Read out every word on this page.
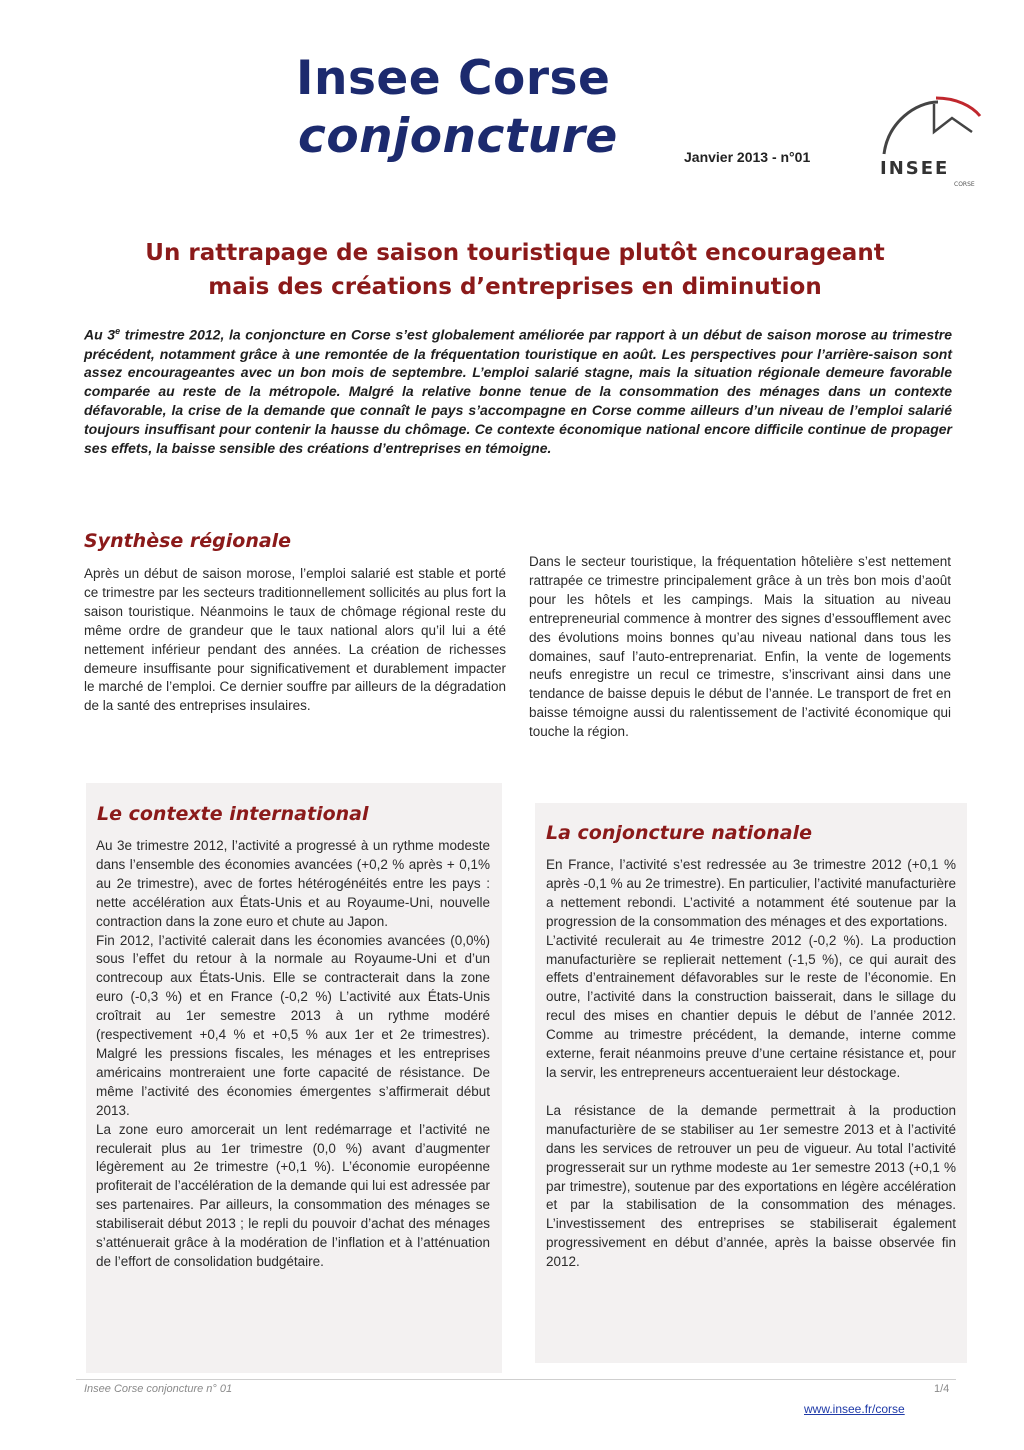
Insee Corse
conjoncture	Janvier 2013 - n°01
INSEE
CORSE
Un rattrapage de saison touristique plutôt encourageant
mais des créations d’entreprises en diminution
Au 3e trimestre 2012, la conjoncture en Corse s’est globalement améliorée par rapport à un début de saison morose au trimestre précédent, notamment grâce à une remontée de la fréquentation touristique en août. Les perspectives pour l’arrière-saison sont assez encourageantes avec un bon mois de septembre. L’emploi salarié stagne, mais la situation régionale demeure favorable comparée au reste de la métropole. Malgré la relative bonne tenue de la consommation des ménages dans un contexte défavorable, la crise de la demande que connaît le pays s’accompagne en Corse comme ailleurs d’un niveau de l’emploi salarié toujours insuffisant pour contenir la hausse du chômage. Ce contexte économique national encore difficile continue de propager ses effets, la baisse sensible des créations d’entreprises en témoigne.
Synthèse régionale
Après un début de saison morose, l’emploi salarié est stable et porté ce trimestre par les secteurs traditionnellement sollicités au plus fort la saison touristique. Néanmoins le taux de chômage régional reste du même ordre de grandeur que le taux national alors qu’il lui a été nettement inférieur pendant des années. La création de richesses demeure insuffisante pour significativement et durablement impacter le marché de l’emploi. Ce dernier souffre par ailleurs de la dégradation de la santé des entreprises insulaires.
Dans le secteur touristique, la fréquentation hôtelière s’est nettement rattrapée ce trimestre principalement grâce à un très bon mois d’août pour les hôtels et les campings. Mais la situation au niveau entrepreneurial commence à montrer des signes d’essoufflement avec des évolutions moins bonnes qu’au niveau national dans tous les domaines, sauf l’auto-entreprenariat. Enfin, la vente de logements neufs enregistre un recul ce trimestre, s’inscrivant ainsi dans une tendance de baisse depuis le début de l’année. Le transport de fret en baisse témoigne aussi du ralentissement de l’activité économique qui touche la région.
Le contexte international
Au 3e trimestre 2012, l’activité a progressé à un rythme modeste dans l’ensemble des économies avancées (+0,2 % après + 0,1% au 2e trimestre), avec de fortes hétérogénéités entre les pays : nette accélération aux États-Unis et au Royaume-Uni, nouvelle contraction dans la zone euro et chute au Japon.
Fin 2012, l’activité calerait dans les économies avancées (0,0%) sous l’effet du retour à la normale au Royaume-Uni et d’un contrecoup aux États-Unis. Elle se contracterait dans la zone euro (-0,3 %) et en France (-0,2 %) L’activité aux États-Unis croîtrait au 1er semestre 2013 à un rythme modéré (respectivement +0,4 % et +0,5 % aux 1er et 2e trimestres). Malgré les pressions fiscales, les ménages et les entreprises américains montreraient une forte capacité de résistance. De même l’activité des économies émergentes s’affirmerait début 2013.
La zone euro amorcerait un lent redémarrage et l’activité ne reculerait plus au 1er trimestre (0,0 %) avant d’augmenter légèrement au 2e trimestre (+0,1 %). L’économie européenne profiterait de l’accélération de la demande qui lui est adressée par ses partenaires. Par ailleurs, la consommation des ménages se stabiliserait début 2013 ; le repli du pouvoir d’achat des ménages s’atténuerait grâce à la modération de l’inflation et à l’atténuation de l’effort de consolidation budgétaire.
La conjoncture nationale
En France, l’activité s’est redressée au 3e trimestre 2012 (+0,1 % après -0,1 % au 2e trimestre). En particulier, l’activité manufacturière a nettement rebondi. L’activité a notamment été soutenue par la progression de la consommation des ménages et des exportations.
L’activité reculerait au 4e trimestre 2012 (-0,2 %). La production manufacturière se replierait nettement (-1,5 %), ce qui aurait des effets d’entrainement défavorables sur le reste de l’économie. En outre, l’activité dans la construction baisserait, dans le sillage du recul des mises en chantier depuis le début de l’année 2012. Comme au trimestre précédent, la demande, interne comme externe, ferait néanmoins preuve d’une certaine résistance et, pour la servir, les entrepreneurs accentueraient leur déstockage.
La résistance de la demande permettrait à la production manufacturière de se stabiliser au 1er semestre 2013 et à l’activité dans les services de retrouver un peu de vigueur. Au total l’activité progresserait sur un rythme modeste au 1er semestre 2013 (+0,1 % par trimestre), soutenue par des exportations en légère accélération et par la stabilisation de la consommation des ménages. L’investissement des entreprises se stabiliserait également progressivement en début d’année, après la baisse observée fin 2012.
Insee Corse conjoncture n° 01	1/4
www.insee.fr/corse
